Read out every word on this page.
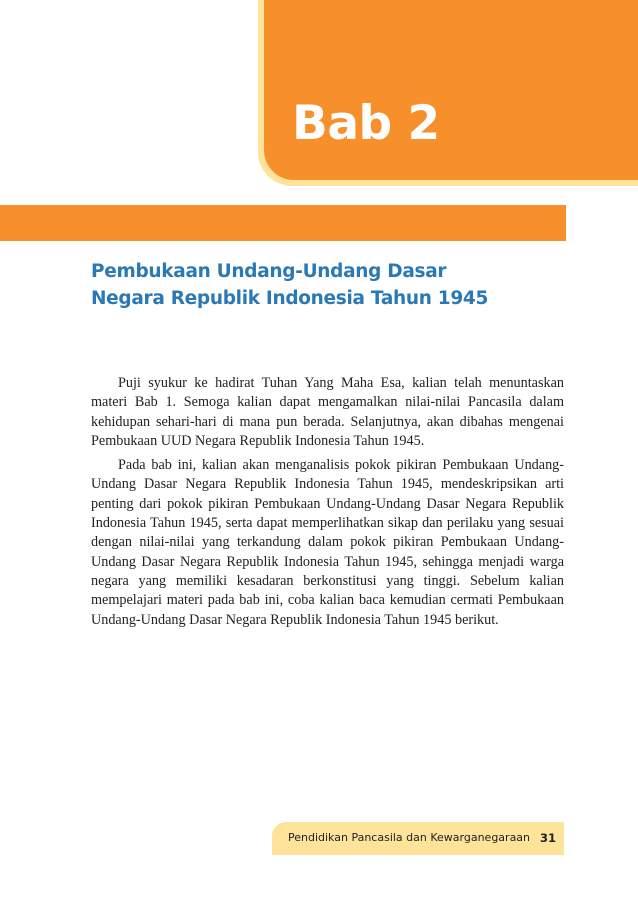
Bab 2
Pembukaan Undang-Undang Dasar
Negara Republik Indonesia Tahun 1945

Puji syukur ke hadirat Tuhan Yang Maha Esa, kalian telah menuntaskan materi Bab 1. Semoga kalian dapat mengamalkan nilai-nilai Pancasila dalam kehidupan sehari-hari di mana pun berada. Selanjutnya, akan dibahas mengenai Pembukaan UUD Negara Republik Indonesia Tahun 1945.

Pada bab ini, kalian akan menganalisis pokok pikiran Pembukaan Undang-Undang Dasar Negara Republik Indonesia Tahun 1945, mendeskripsikan arti penting dari pokok pikiran Pembukaan Undang-Undang Dasar Negara Republik Indonesia Tahun 1945, serta dapat memperlihatkan sikap dan perilaku yang sesuai dengan nilai-nilai yang terkandung dalam pokok pikiran Pembukaan Undang-Undang Dasar Negara Republik Indonesia Tahun 1945, sehingga menjadi warga negara yang memiliki kesadaran berkonstitusi yang tinggi. Sebelum kalian mempelajari materi pada bab ini, coba kalian baca kemudian cermati Pembukaan Undang-Undang Dasar Negara Republik Indonesia Tahun 1945 berikut.

Pendidikan Pancasila dan Kewarganegaraan 31
